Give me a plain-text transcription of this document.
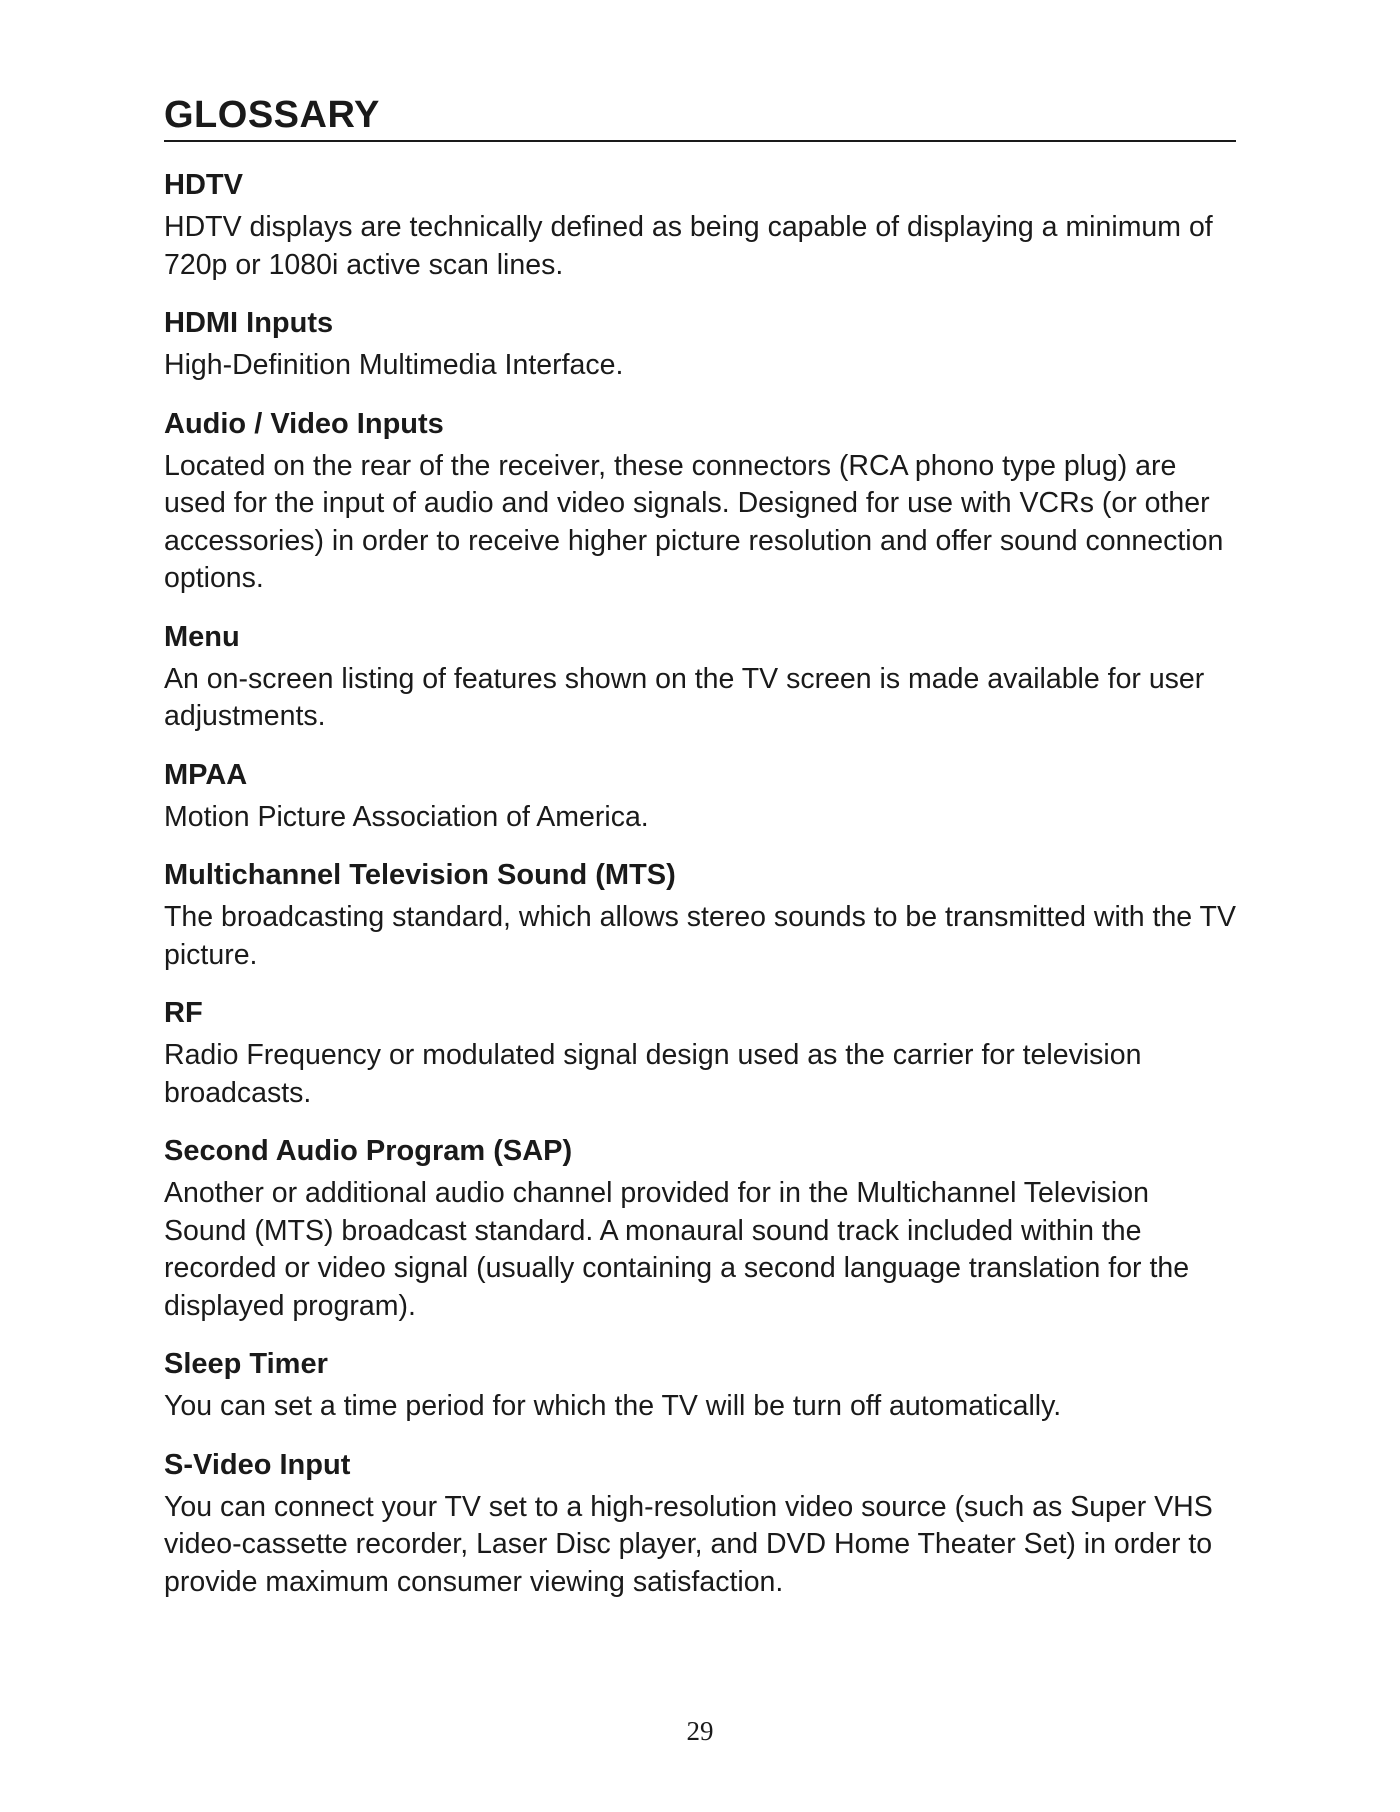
GLOSSARY
HDTV

HDTV displays are technically defined as being capable of displaying a minimum of 720p or 1080i active scan lines.

HDMI Inputs

High-Definition Multimedia Interface.

Audio / Video Inputs

Located on the rear of the receiver, these connectors (RCA phono type plug) are used for the input of audio and video signals. Designed for use with VCRs (or other accessories) in order to receive higher picture resolution and offer sound connection options.

Menu

An on-screen listing of features shown on the TV screen is made available for user adjustments.

MPAA

Motion Picture Association of America.

Multichannel Television Sound (MTS)

The broadcasting standard, which allows stereo sounds to be transmitted with the TV picture.

RF

Radio Frequency or modulated signal design used as the carrier for television broadcasts.

Second Audio Program (SAP)

Another or additional audio channel provided for in the Multichannel Television Sound (MTS) broadcast standard. A monaural sound track included within the recorded or video signal (usually containing a second language translation for the displayed program).

Sleep Timer

You can set a time period for which the TV will be turn off automatically.

S-Video Input

You can connect your TV set to a high-resolution video source (such as Super VHS video-cassette recorder, Laser Disc player, and DVD Home Theater Set) in order to provide maximum consumer viewing satisfaction.

29
